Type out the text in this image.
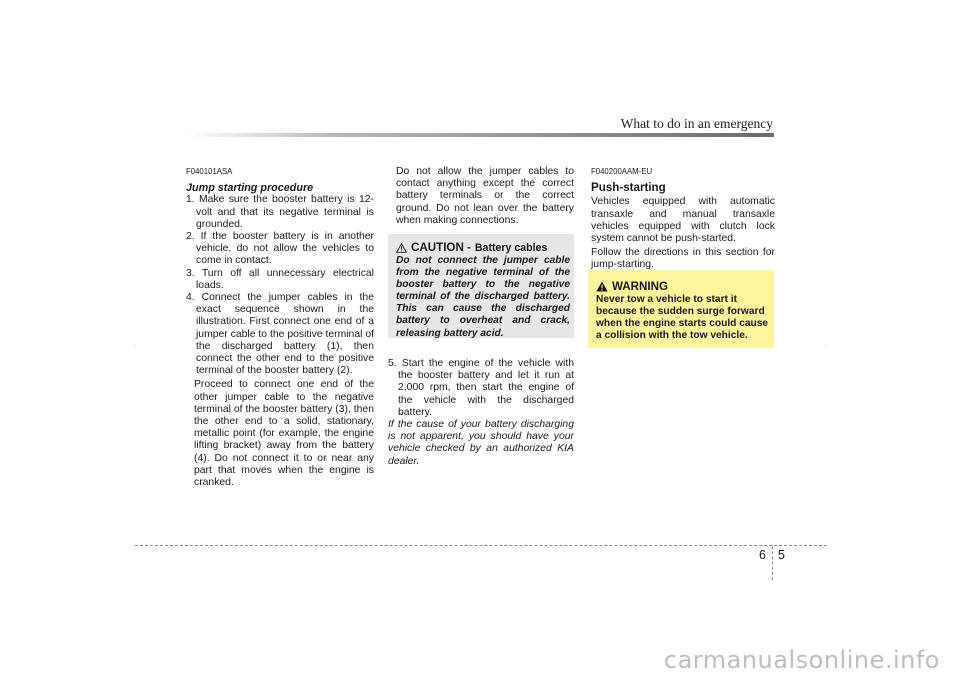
What to do in an emergency
F040101ASA
Jump starting procedure

1. Make sure the booster battery is 12-volt and that its negative terminal is grounded.

2. If the booster battery is in another vehicle, do not allow the vehicles to come in contact.

3. Turn off all unnecessary electrical loads.

4. Connect the jumper cables in the exact sequence shown in the illustration. First connect one end of a jumper cable to the positive terminal of the discharged battery (1), then connect the other end to the positive terminal of the booster battery (2).

Proceed to connect one end of the other jumper cable to the negative terminal of the booster battery (3), then the other end to a solid, stationary, metallic point (for example, the engine lifting bracket) away from the battery (4). Do not connect it to or near any part that moves when the engine is cranked.

Do not allow the jumper cables to contact anything except the correct battery terminals or the correct ground. Do not lean over the battery when making connections.

CAUTION - Battery cables
Do not connect the jumper cable from the negative terminal of the booster battery to the negative terminal of the discharged battery. This can cause the discharged battery to overheat and crack, releasing battery acid.

5. Start the engine of the vehicle with the booster battery and let it run at 2,000 rpm, then start the engine of the vehicle with the discharged battery.

If the cause of your battery discharging is not apparent, you should have your vehicle checked by an authorized KIA dealer.

F040200AAM-EU
Push-starting

Vehicles equipped with automatic transaxle and manual transaxle vehicles equipped with clutch lock system cannot be push-started.

Follow the directions in this section for jump-starting.

WARNING
Never tow a vehicle to start it because the sudden surge forward when the engine starts could cause a collision with the tow vehicle.
6 5
carmanualsonline.info
